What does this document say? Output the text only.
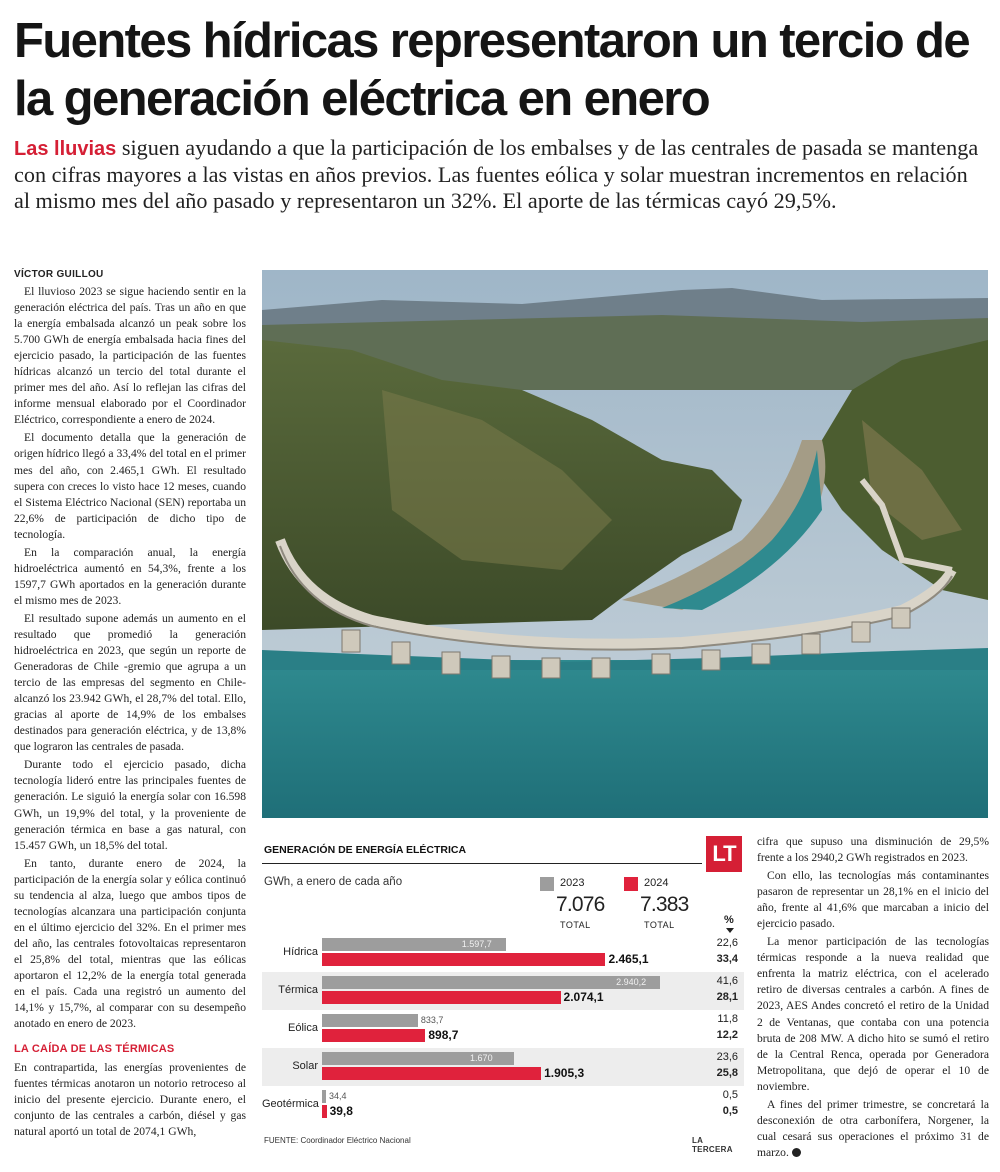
Fuentes hídricas representaron un tercio de la generación eléctrica en enero
Las lluvias siguen ayudando a que la participación de los embalses y de las centrales de pasada se mantenga con cifras mayores a las vistas en años previos. Las fuentes eólica y solar muestran incrementos en relación al mismo mes del año pasado y representaron un 32%. El aporte de las térmicas cayó 29,5%.
VÍCTOR GUILLOU

El lluvioso 2023 se sigue haciendo sentir en la generación eléctrica del país. Tras un año en que la energía embalsada alcanzó un peak sobre los 5.700 GWh de energía embalsada hacia fines del ejercicio pasado, la participación de las fuentes hídricas alcanzó un tercio del total durante el primer mes del año. Así lo reflejan las cifras del informe mensual elaborado por el Coordinador Eléctrico, correspondiente a enero de 2024.

El documento detalla que la generación de origen hídrico llegó a 33,4% del total en el primer mes del año, con 2.465,1 GWh. El resultado supera con creces lo visto hace 12 meses, cuando el Sistema Eléctrico Nacional (SEN) reportaba un 22,6% de participación de dicho tipo de tecnología.

En la comparación anual, la energía hidroeléctrica aumentó en 54,3%, frente a los 1597,7 GWh aportados en la generación durante el mismo mes de 2023.

El resultado supone además un aumento en el resultado que promedió la generación hidroeléctrica en 2023, que según un reporte de Generadoras de Chile -gremio que agrupa a un tercio de las empresas del segmento en Chile- alcanzó los 23.942 GWh, el 28,7% del total. Ello, gracias al aporte de 14,9% de los embalses destinados para generación eléctrica, y de 13,8% que lograron las centrales de pasada.

Durante todo el ejercicio pasado, dicha tecnología lideró entre las principales fuentes de generación. Le siguió la energía solar con 16.598 GWh, un 19,9% del total, y la proveniente de generación térmica en base a gas natural, con 15.457 GWh, un 18,5% del total.

En tanto, durante enero de 2024, la participación de la energía solar y eólica continuó su tendencia al alza, luego que ambos tipos de tecnologías alcanzara una participación conjunta en el último ejercicio del 32%. En el primer mes del año, las centrales fotovoltaicas representaron el 25,8% del total, mientras que las eólicas aportaron el 12,2% de la energía total generada en el país. Cada una registró un aumento del 14,1% y 15,7%, al comparar con su desempeño anotado en enero de 2023.

LA CAÍDA DE LAS TÉRMICAS

En contrapartida, las energías provenientes de fuentes térmicas anotaron un notorio retroceso al inicio del presente ejercicio. Durante enero, el conjunto de las centrales a carbón, diésel y gas natural aportó un total de 2074,1 GWh,

GENERACIÓN DE ENERGÍA ELÉCTRICA	LT
GWh, a enero de cada año	2023
7.076
TOTAL
2024
7.383
TOTAL	%
Hídrica
1.597,7	22,6
2.465,1	33,4
Térmica
2.940,2	41,6
2.074,1	28,1
Eólica
833,7	11,8
898,7	12,2
Solar
1.670	23,6
1.905,3	25,8
Geotérmica
34,4	0,5
39,8	0,5
FUENTE: Coordinador Eléctrico Nacional	LA TERCERA

cifra que supuso una disminución de 29,5% frente a los 2940,2 GWh registrados en 2023.

Con ello, las tecnologías más contaminantes pasaron de representar un 28,1% en el inicio del año, frente al 41,6% que marcaban a inicio del ejercicio pasado.

La menor participación de las tecnologías térmicas responde a la nueva realidad que enfrenta la matriz eléctrica, con el acelerado retiro de diversas centrales a carbón. A fines de 2023, AES Andes concretó el retiro de la Unidad 2 de Ventanas, que contaba con una potencia bruta de 208 MW. A dicho hito se sumó el retiro de la Central Renca, operada por Generadora Metropolitana, que dejó de operar el 10 de noviembre.

A fines del primer trimestre, se concretará la desconexión de otra carbonífera, Norgener, la cual cesará sus operaciones el próximo 31 de marzo.
